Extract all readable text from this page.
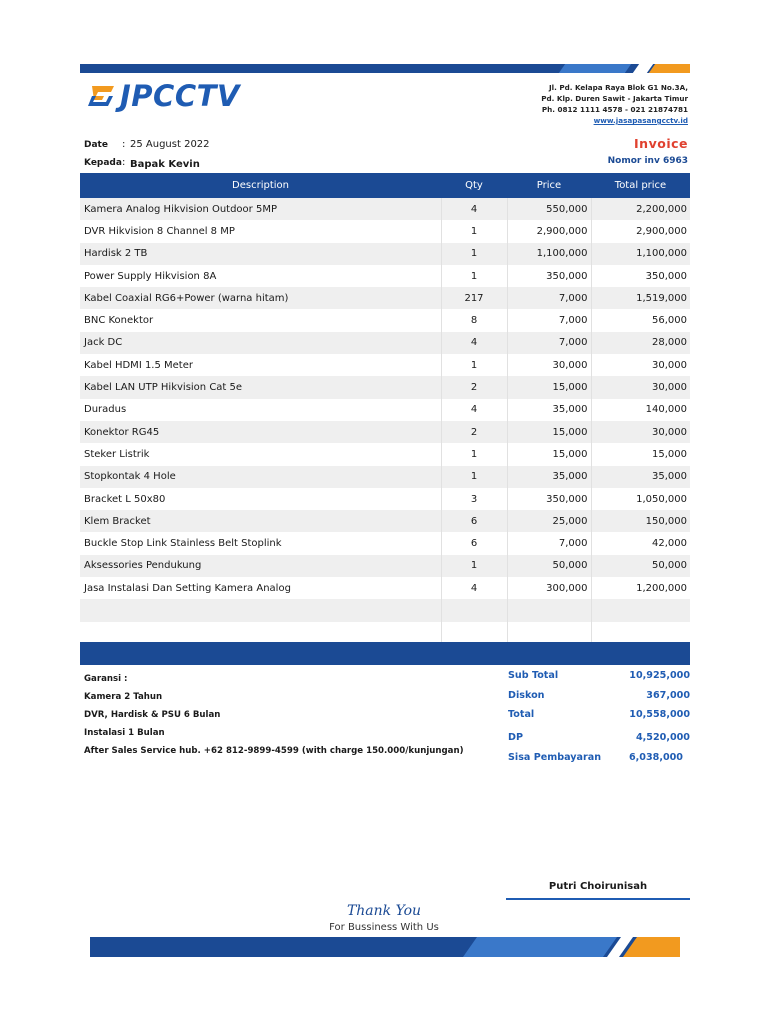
JPCCTV	Jl. Pd. Kelapa Raya Blok G1 No.3A,
Pd. Klp. Duren Sawit - Jakarta Timur
Ph. 0812 1111 4578 - 021 21874781
www.jasapasangcctv.id
Date : 25 August 2022
Kepada: Bapak Kevin
Invoice
Nomor inv 6963
Description	Qty	Price	Total price
Kamera Analog Hikvision Outdoor 5MP	4	550,000	2,200,000
DVR Hikvision 8 Channel 8 MP	1	2,900,000	2,900,000
Hardisk 2 TB	1	1,100,000	1,100,000
Power Supply Hikvision 8A	1	350,000	350,000
Kabel Coaxial RG6+Power (warna hitam)	217	7,000	1,519,000
BNC Konektor	8	7,000	56,000
Jack DC	4	7,000	28,000
Kabel HDMI 1.5 Meter	1	30,000	30,000
Kabel LAN UTP Hikvision Cat 5e	2	15,000	30,000
Duradus	4	35,000	140,000
Konektor RG45	2	15,000	30,000
Steker Listrik	1	15,000	15,000
Stopkontak 4 Hole	1	35,000	35,000
Bracket L 50x80	3	350,000	1,050,000
Klem Bracket	6	25,000	150,000
Buckle Stop Link Stainless Belt Stoplink	6	7,000	42,000
Aksessories Pendukung	1	50,000	50,000
Jasa Instalasi Dan Setting Kamera Analog	4	300,000	1,200,000

Garansi :
Kamera 2 Tahun
DVR, Hardisk & PSU 6 Bulan
Instalasi 1 Bulan
After Sales Service hub. +62 812-9899-4599 (with charge 150.000/kunjungan)
Sub Total	10,925,000
Diskon	367,000
Total	10,558,000
DP	4,520,000
Sisa Pembayaran	6,038,000
Putri Choirunisah
Thank You
For Bussiness With Us
